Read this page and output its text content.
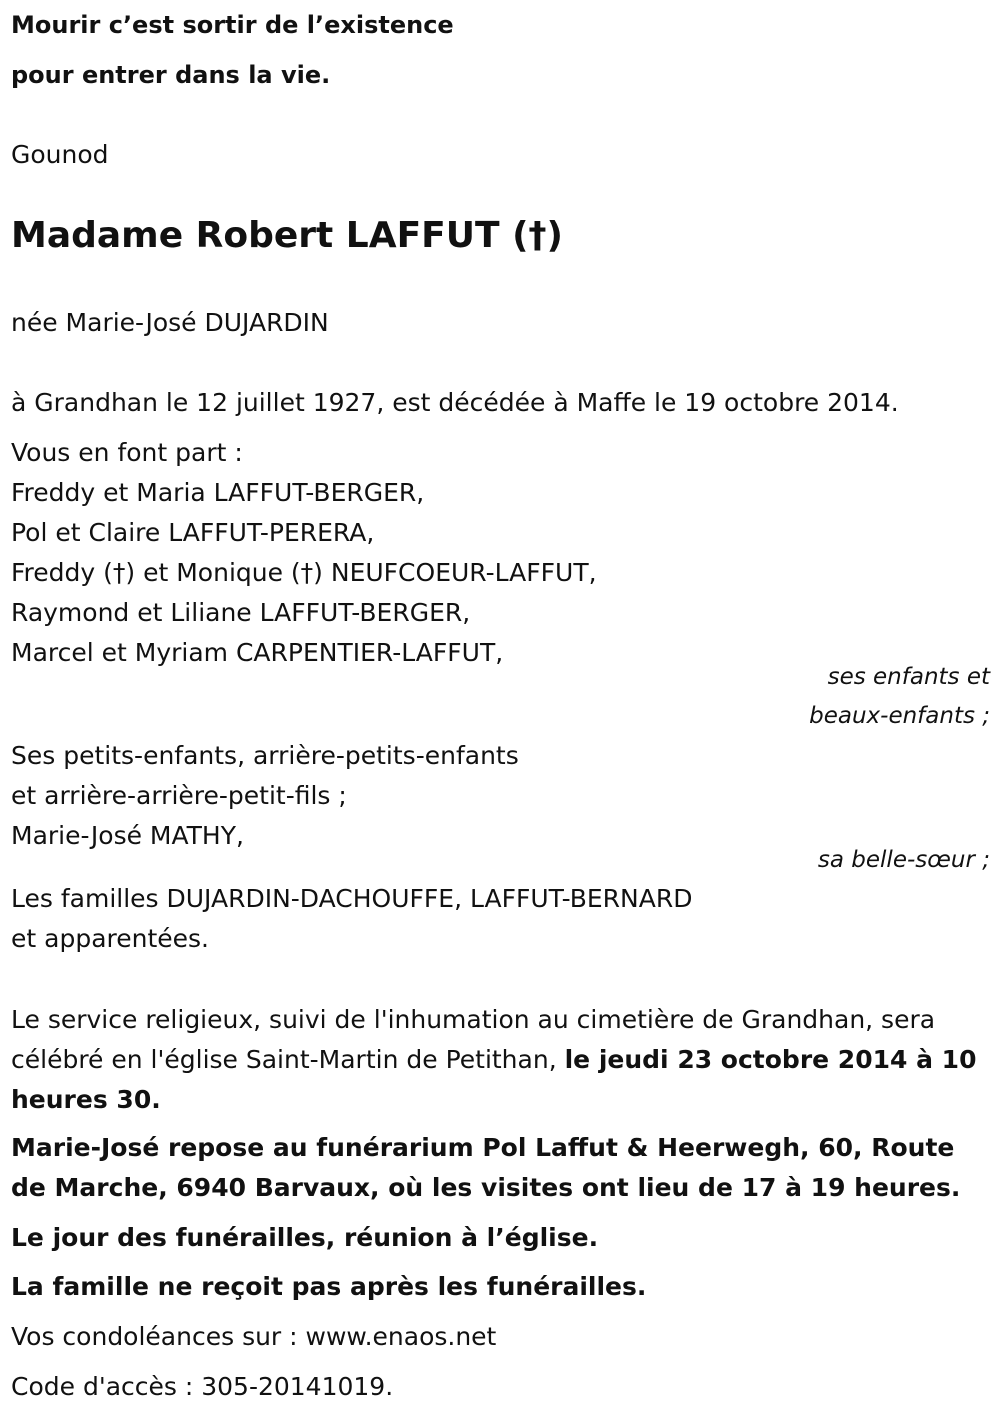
Mourir c’est sortir de l’existence
pour entrer dans la vie.
Gounod
Madame Robert LAFFUT (†)
née Marie-José DUJARDIN
à Grandhan le 12 juillet 1927, est décédée à Maffe le 19 octobre 2014.
Vous en font part :
Freddy et Maria LAFFUT-BERGER,
Pol et Claire LAFFUT-PERERA,
Freddy (†) et Monique (†) NEUFCOEUR-LAFFUT,
Raymond et Liliane LAFFUT-BERGER,
Marcel et Myriam CARPENTIER-LAFFUT,
ses enfants et
beaux-enfants ;
Ses petits-enfants, arrière-petits-enfants
et arrière-arrière-petit-fils ;
Marie-José MATHY,
sa belle-sœur ;
Les familles DUJARDIN-DACHOUFFE, LAFFUT-BERNARD
et apparentées.
Le service religieux, suivi de l'inhumation au cimetière de Grandhan, sera célébré en l'église Saint-Martin de Petithan, le jeudi 23 octobre 2014 à 10 heures 30.
Marie-José repose au funérarium Pol Laffut & Heerwegh, 60, Route de Marche, 6940 Barvaux, où les visites ont lieu de 17 à 19 heures.
Le jour des funérailles, réunion à l’église.
La famille ne reçoit pas après les funérailles.
Vos condoléances sur : www.enaos.net
Code d'accès : 305-20141019.
